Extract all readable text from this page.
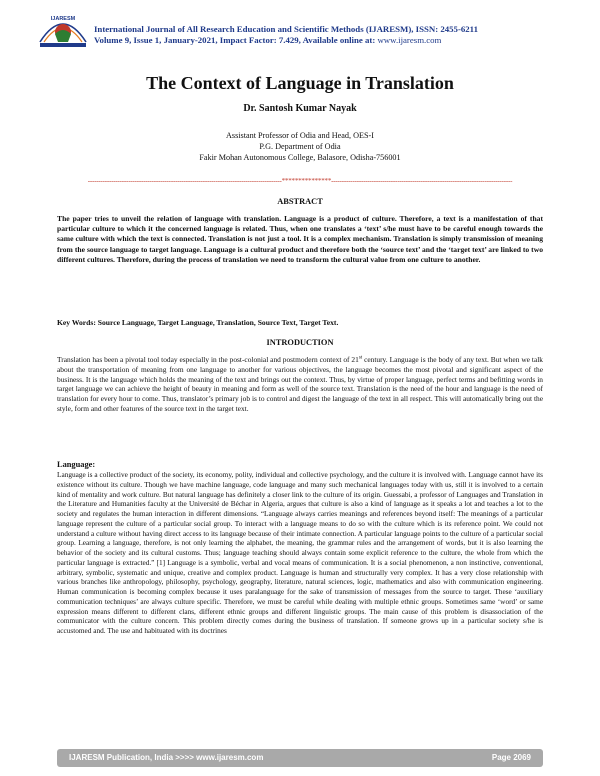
IJARESM
International Journal of All Research Education and Scientific Methods (IJARESM), ISSN: 2455-6211
Volume 9, Issue 1, January-2021, Impact Factor: 7.429, Available online at: www.ijaresm.com
The Context of Language in Translation
Dr. Santosh Kumar Nayak
Assistant Professor of Odia and Head, OES-I
P.G. Department of Odia
Fakir Mohan Autonomous College, Balasore, Odisha-756001
-------------------------------------------------------------------------------------------***************-------------------------------------------------------------------------------------
ABSTRACT
The paper tries to unveil the relation of language with translation. Language is a product of culture. Therefore, a text is a manifestation of that particular culture to which it the concerned language is related. Thus, when one translates a ‘text’ s/he must have to be careful enough towards the same culture with which the text is connected. Translation is not just a tool. It is a complex mechanism. Translation is simply transmission of meaning from the source language to target language. Language is a cultural product and therefore both the ‘source text’ and the ‘target text’ are linked to two different cultures. Therefore, during the process of translation we need to transform the cultural value from one culture to another.
Key Words: Source Language, Target Language, Translation, Source Text, Target Text.
INTRODUCTION
Translation has been a pivotal tool today especially in the post-colonial and postmodern context of 21st century. Language is the body of any text. But when we talk about the transportation of meaning from one language to another for various objectives, the language becomes the most pivotal and significant aspect of the business. It is the language which holds the meaning of the text and brings out the context. Thus, by virtue of proper language, perfect terms and befitting words in target language we can achieve the height of beauty in meaning and form as well of the source text. Translation is the need of the hour and language is the need of translation for every hour to come. Thus, translator’s primary job is to control and digest the language of the text in all respect. This will automatically bring out the style, form and other features of the source text in the target text.
Language:
Language is a collective product of the society, its economy, polity, individual and collective psychology, and the culture it is involved with. Language cannot have its existence without its culture. Though we have machine language, code language and many such mechanical languages today with us, still it is involved to a certain kind of mentality and work culture. But natural language has definitely a closer link to the culture of its origin. Guessabi, a professor of Languages and Translation in the Literature and Humanities faculty at the Université de Béchar in Algeria, argues that culture is also a kind of language as it speaks a lot and teaches a lot to the society and regulates the human interaction in different dimensions. “Language always carries meanings and references beyond itself: The meanings of a particular language represent the culture of a particular social group. To interact with a language means to do so with the culture which is its reference point. We could not understand a culture without having direct access to its language because of their intimate connection. A particular language points to the culture of a particular social group. Learning a language, therefore, is not only learning the alphabet, the meaning, the grammar rules and the arrangement of words, but it is also learning the behavior of the society and its cultural customs. Thus; language teaching should always contain some explicit reference to the culture, the whole from which the particular language is extracted.” [1] Language is a symbolic, verbal and vocal means of communication. It is a social phenomenon, a non instinctive, conventional, arbitrary, symbolic, systematic and unique, creative and complex product. Language is human and structurally very complex. It has a very close relationship with various branches like anthropology, philosophy, psychology, geography, literature, natural sciences, logic, mathematics and also with communication engineering. Human communication is becoming complex because it uses paralanguage for the sake of transmission of messages from the source to target. These ‘auxiliary communication techniques’ are always culture specific. Therefore, we must be careful while dealing with multiple ethnic groups. Sometimes same ‘word’ or same expression means different to different clans, different ethnic groups and different linguistic groups. The main cause of this problem is disassociation of the communicator with the culture concern. This problem directly comes during the business of translation. If someone grows up in a particular society s/he is accustomed and. The use and habituated with its doctrines
IJARESM Publication, India >>>> www.ijaresm.com	Page 2069
